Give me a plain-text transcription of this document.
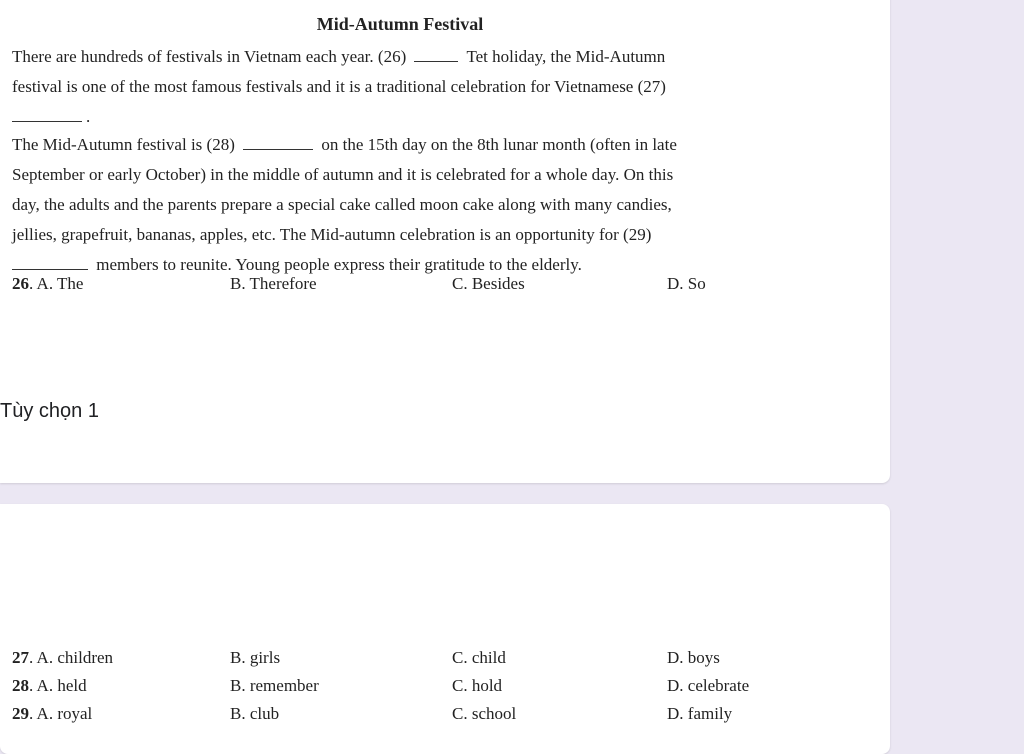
Mid-Autumn Festival
There are hundreds of festivals in Vietnam each year. (26)	Tet holiday, the Mid-Autumn
festival is one of the most famous festivals and it is a traditional celebration for Vietnamese (27)
.
The Mid-Autumn festival is (28)	on the 15th day on the 8th lunar month (often in late
September or early October) in the middle of autumn and it is celebrated for a whole day. On this
day, the adults and the parents prepare a special cake called moon cake along with many candies,
jellies, grapefruit, bananas, apples, etc. The Mid-autumn celebration is an opportunity for (29)
members to reunite. Young people express their gratitude to the elderly.
26. A. The	B. Therefore	C. Besides	D. So
Tùy chọn 1
27. A. children	B. girls	C. child	D. boys
28. A. held	B. remember	C. hold	D. celebrate
29. A. royal	B. club	C. school	D. family
